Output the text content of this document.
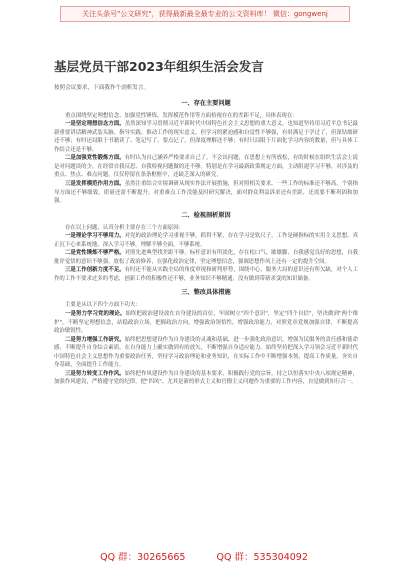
关注头条号"公文研究"，获得最新最全最专业的公文资料库！ 微信：gongwenj
基层党员干部2023年组织生活会发言

按照会议要求，下面我作个剖析发言。

一、存在主要问题

重点围绕坚定理想信念、加强党性锤炼，发挥模范作用等方面检视存在的差距不足，具体表现在：

一是坚定理想信念方面。虽然深知学习贯彻习近平新时代中国特色社会主义思想的重大意义，也知道坚持用习近平总书记最新重要讲话精神武装头脑、指导实践、推动工作的现实意义，但学习的紧迫感和自觉性不够强，有时满足于学过了，但深钻细研还不够；有时还局限于书籍读了、笔记写了、要点记了，但深度理解还不够；有时只局限于片面化学习内容的数量，但与具体工作结合还是不够。

二是加强党性锻炼方面。有时认为自己涵养严格要求自己了，不会出问题，在思想上有所放松，有的时候在组织生活会上说是对问题谈的少，在经常自我反思、自我检视问题做的还不够。特别是在学习最新政策规定方面，主动阻遏学习不够，对涉及的重点、焦点、难点问题，仅仅停留在条条框框中，还缺乏深入的研究。

三是发挥模范作用方面。虽然注重结合实境调研从现实作法开展措施，但对照相关要求，一些工作的标准还不够高，个别指导方面还不够细致，质量还需不断提升。对重难点工作没能及时研究解决，面对群众利益诉求还有差距，还需要不断巩固和加强。

二、检视剖析原因

存在以上问题，认真分析主要存在三个方面原因：

一是理论学习不够用力。对党的政治理论学习重视不够，抓得不紧，存在学习是软尺子，工作是硬指标的实用主义思想，真正沉下心来系统地、深入学习不够，理解不够全面，不够系统。

二是党性锤炼不够严格。对照先进典型找差距不够，标杆意识有所淡化，存在松口气、歇歇脚、自我感觉良好的思想，自我批评觉悟的意识不够强，放松了政治修养，在强化政治定律，坚定理想信念，强调思想作风上还有一定的提升空间。

三是工作创新力度不足。有时还不能从实践全局的角度审视和研判形势，围绕中心、服务大局的意识还有所欠缺，对个人工作的工作不要求过多的考虑，创新工作的积极性还不够，业务知识不够精通，没有做到带新求变的知识储备。

三、整改具体措施

主要是从以下四个方面下功夫：

一是努力学习党的理论。始终把政治建设放在自身建设的首位，牢固树立"四个意识"，坚定"四个自信"，坚决做到"两个维护"，不断坚定理想信念，站稳政治立场，把握政治方向，增强政治领悟性，增强政治能力，对照党章党规加强自律，不断提高政治敏锐性。

二是努力增强工作研究。始终把思想建设作为自身建设的灵魂和基础，进一步强化政治意识，增强为民服务的责任感和使命感，不断提升自身综合素质，在自身能力上确实做到有的放矢，不断增强自身适应能力。始终坚持把深入学习领会习近平新时代中国特色社会主义思想作为重要政治任务，坚持学习政治理论和业务知识，在实际工作中不断增强本领，提高工作质量，夯实自身基础，全面提升工作能力。

三是努力转变工作作风。始终把作风建设作为自身建设的基本要求，积极践行党的宗旨，持之以恒落实中央八项规定精神，加强作风建设，严格遵守党的纪律，把"四风"、尤其是新的形式主义和官僚主义问题作为重要的工作内容，自觉做到知行合一。

QQ 群：30265665	QQ 群：535304092
